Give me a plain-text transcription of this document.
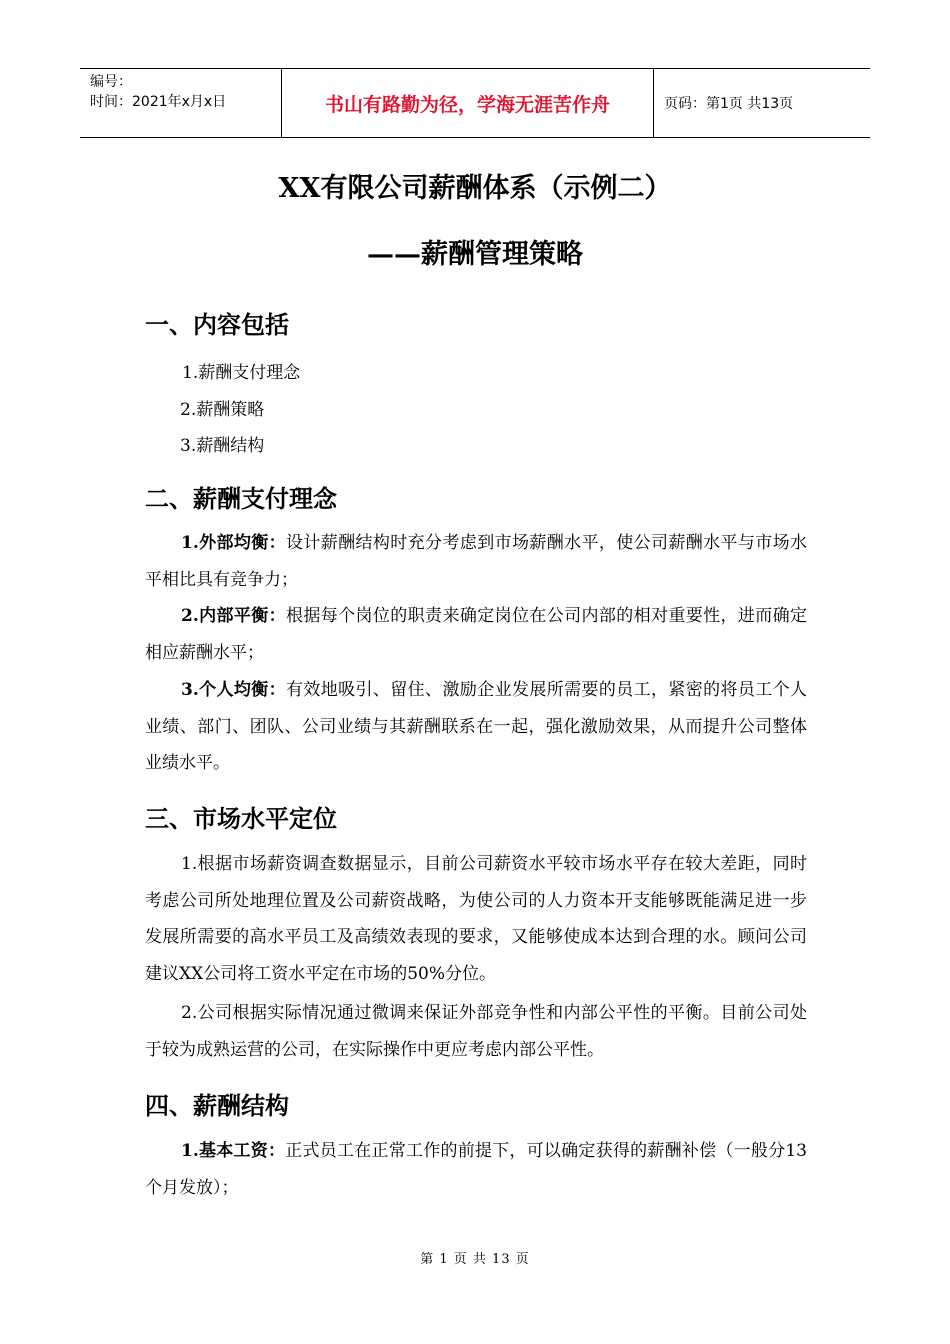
编号：
时间：2021年x月x日	书山有路勤为径，学海无涯苦作舟	页码：第1页 共13页
XX有限公司薪酬体系（示例二）
——薪酬管理策略
一、内容包括
1.薪酬支付理念
2.薪酬策略
3.薪酬结构
二、薪酬支付理念
1.外部均衡：设计薪酬结构时充分考虑到市场薪酬水平，使公司薪酬水平与市场水平相比具有竞争力；
2.内部平衡：根据每个岗位的职责来确定岗位在公司内部的相对重要性，进而确定相应薪酬水平；
3.个人均衡：有效地吸引、留住、激励企业发展所需要的员工，紧密的将员工个人业绩、部门、团队、公司业绩与其薪酬联系在一起，强化激励效果，从而提升公司整体业绩水平。
三、市场水平定位
1.根据市场薪资调查数据显示，目前公司薪资水平较市场水平存在较大差距，同时考虑公司所处地理位置及公司薪资战略，为使公司的人力资本开支能够既能满足进一步发展所需要的高水平员工及高绩效表现的要求，又能够使成本达到合理的水。顾问公司建议XX公司将工资水平定在市场的50%分位。
2.公司根据实际情况通过微调来保证外部竞争性和内部公平性的平衡。目前公司处于较为成熟运营的公司，在实际操作中更应考虑内部公平性。
四、薪酬结构
1.基本工资：正式员工在正常工作的前提下，可以确定获得的薪酬补偿（一般分13个月发放）；
第 1 页 共 13 页
